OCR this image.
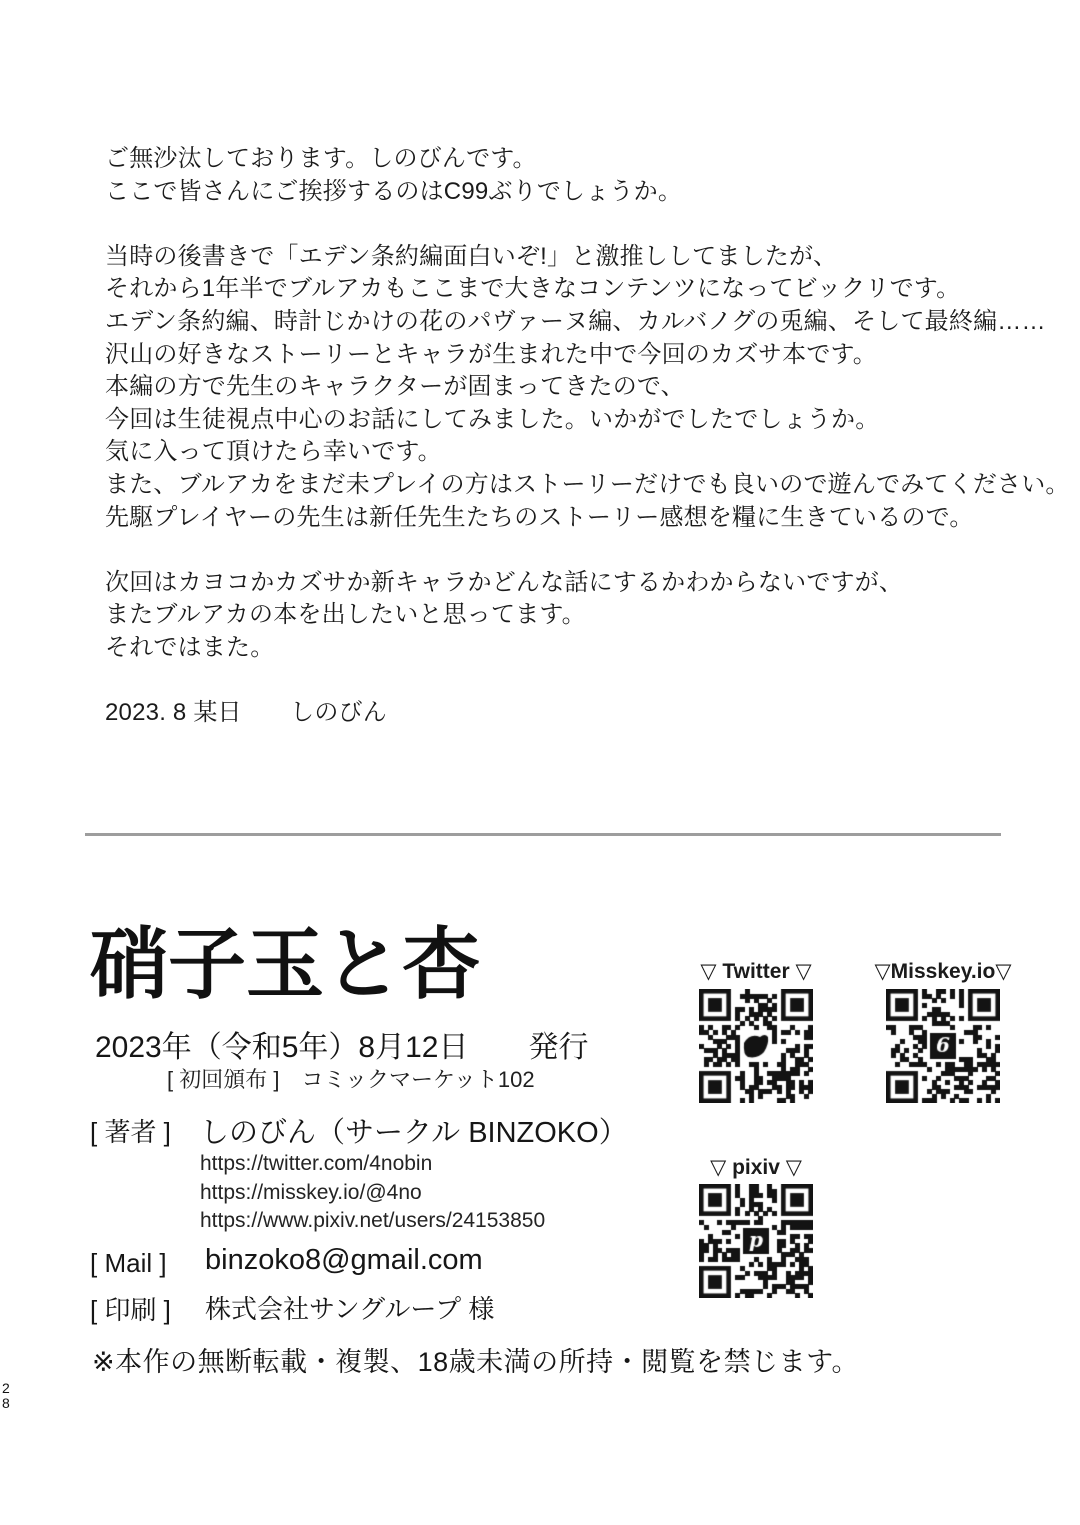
ご無沙汰しております。しのびんです。
ここで皆さんにご挨拶するのはC99ぶりでしょうか。
当時の後書きで「エデン条約編面白いぞ!」と激推ししてましたが、
それから1年半でブルアカもここまで大きなコンテンツになってビックリです。
エデン条約編、時計じかけの花のパヴァーヌ編、カルバノグの兎編、そして最終編……
沢山の好きなストーリーとキャラが生まれた中で今回のカズサ本です。
本編の方で先生のキャラクターが固まってきたので、
今回は生徒視点中心のお話にしてみました。いかがでしたでしょうか。
気に入って頂けたら幸いです。
また、ブルアカをまだ未プレイの方はストーリーだけでも良いので遊んでみてください。
先駆プレイヤーの先生は新任先生たちのストーリー感想を糧に生きているので。
次回はカヨコかカズサか新キャラかどんな話にするかわからないですが、
またブルアカの本を出したいと思ってます。
それではまた。
2023. 8 某日　　しのびん
硝子玉と杏
2023年（令和5年）8月12日　　発行
[ 初回頒布 ]　コミックマーケット102
[ 著者 ] しのびん（サークル BINZOKO）
https://twitter.com/4nobin
https://misskey.io/@4no
https://www.pixiv.net/users/24153850
[ Mail ] binzoko8@gmail.com
[ 印刷 ] 株式会社サングループ 様
※本作の無断転載・複製、18歳未満の所持・閲覧を禁じます。
▽ Twitter ▽	▽Misskey.io▽
▽ pixiv ▽
28
